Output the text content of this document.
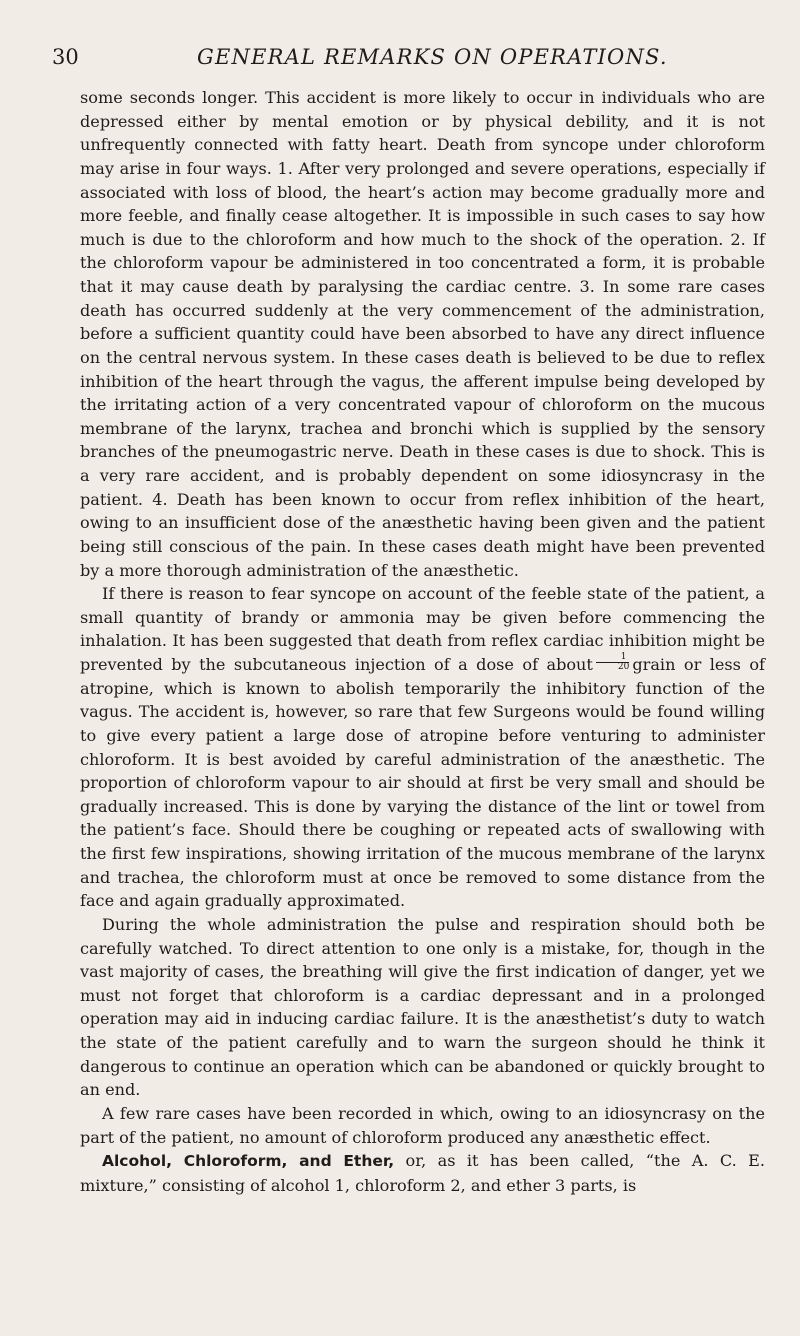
30	GENERAL REMARKS ON OPERATIONS.

some seconds longer. This accident is more likely to occur in individuals who are depressed either by mental emotion or by physical debility, and it is not unfrequently connected with fatty heart. Death from syncope under chloroform may arise in four ways. 1. After very prolonged and severe operations, especially if associated with loss of blood, the heart’s action may become gradually more and more feeble, and finally cease altogether. It is impossible in such cases to say how much is due to the chloroform and how much to the shock of the operation. 2. If the chloroform vapour be administered in too concentrated a form, it is probable that it may cause death by paralysing the cardiac centre. 3. In some rare cases death has occurred suddenly at the very commencement of the administration, before a sufficient quantity could have been absorbed to have any direct influence on the central nervous system. In these cases death is believed to be due to reflex inhibition of the heart through the vagus, the afferent impulse being developed by the irritating action of a very concentrated vapour of chloroform on the mucous membrane of the larynx, trachea and bronchi which is supplied by the sensory branches of the pneumogastric nerve. Death in these cases is due to shock. This is a very rare accident, and is probably dependent on some idiosyncrasy in the patient. 4. Death has been known to occur from reflex inhibition of the heart, owing to an insufficient dose of the anæsthetic having been given and the patient being still conscious of the pain. In these cases death might have been prevented by a more thorough administration of the anæsthetic.

If there is reason to fear syncope on account of the feeble state of the patient, a small quantity of brandy or ammonia may be given before commencing the inhalation. It has been suggested that death from reflex cardiac inhibition might be prevented by the subcutaneous injection of a dose of about $\frac{1}{20}$ grain or less of atropine, which is known to abolish temporarily the inhibitory function of the vagus. The accident is, however, so rare that few Surgeons would be found willing to give every patient a large dose of atropine before venturing to administer chloroform. It is best avoided by careful administration of the anæsthetic. The proportion of chloroform vapour to air should at first be very small and should be gradually increased. This is done by varying the distance of the lint or towel from the patient’s face. Should there be coughing or repeated acts of swallowing with the first few inspirations, showing irritation of the mucous membrane of the larynx and trachea, the chloroform must at once be removed to some distance from the face and again gradually approximated.

During the whole administration the pulse and respiration should both be carefully watched. To direct attention to one only is a mistake, for, though in the vast majority of cases, the breathing will give the first indication of danger, yet we must not forget that chloroform is a cardiac depressant and in a prolonged operation may aid in inducing cardiac failure. It is the anæsthetist’s duty to watch the state of the patient carefully and to warn the surgeon should he think it dangerous to continue an operation which can be abandoned or quickly brought to an end.

A few rare cases have been recorded in which, owing to an idiosyncrasy on the part of the patient, no amount of chloroform produced any anæsthetic effect.

Alcohol, Chloroform, and Ether, or, as it has been called, “the A. C. E. mixture,” consisting of alcohol 1, chloroform 2, and ether 3 parts, is
